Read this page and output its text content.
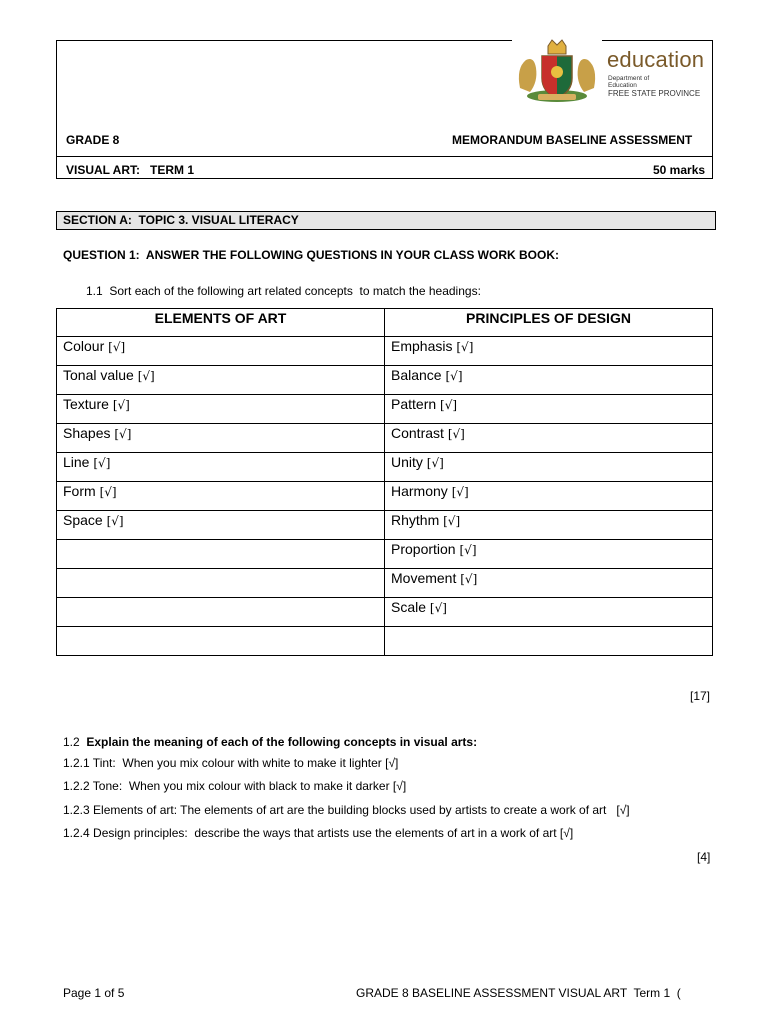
education
Department of
Education
FREE STATE PROVINCE
GRADE 8	MEMORANDUM BASELINE ASSESSMENT
VISUAL ART:   TERM 1	50 marks
SECTION A:  TOPIC 3. VISUAL LITERACY
QUESTION 1:  ANSWER THE FOLLOWING QUESTIONS IN YOUR CLASS WORK BOOK:
1.1  Sort each of the following art related concepts  to match the headings:
ELEMENTS OF ART	PRINCIPLES OF DESIGN
Colour [√]	Emphasis [√]
Tonal value [√]	Balance [√]
Texture [√]	Pattern [√]
Shapes [√]	Contrast [√]
Line [√]	Unity [√]
Form [√]	Harmony [√]
Space [√]	Rhythm [√]
	Proportion [√]
	Movement [√]
	Scale [√]

[17]
1.2  Explain the meaning of each of the following concepts in visual arts:
1.2.1 Tint:  When you mix colour with white to make it lighter [√]
1.2.2 Tone:  When you mix colour with black to make it darker [√]
1.2.3 Elements of art: The elements of art are the building blocks used by artists to create a work of art   [√]
1.2.4 Design principles:  describe the ways that artists use the elements of art in a work of art [√]
[4]
Page 1 of 5	GRADE 8 BASELINE ASSESSMENT VISUAL ART  Term 1  (
